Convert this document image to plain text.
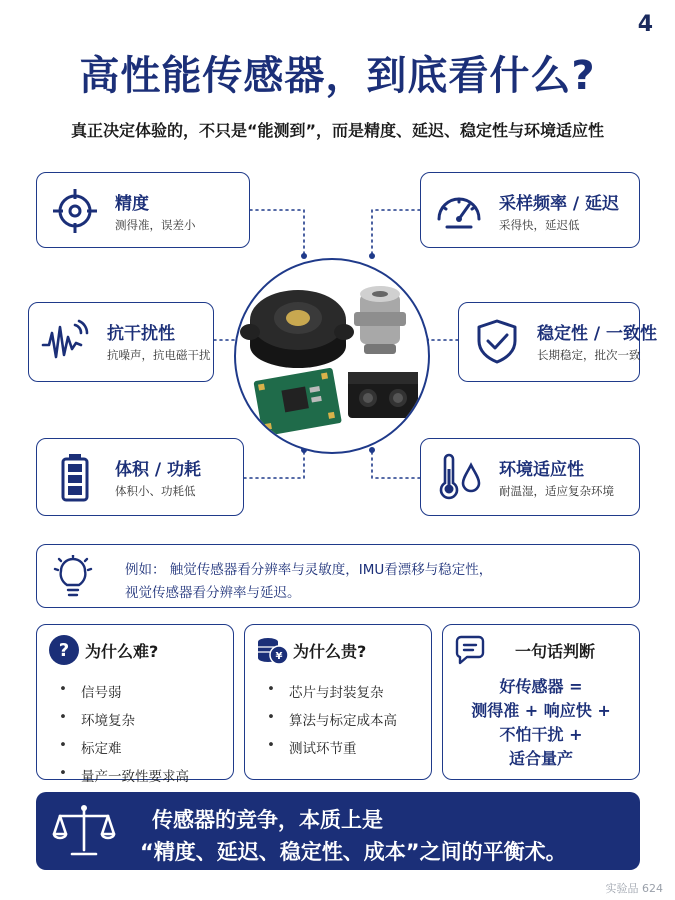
4
高性能传感器，到底看什么?
真正决定体验的，不只是“能测到”，而是精度、延迟、稳定性与环境适应性
精度
测得准，误差小
采样频率 / 延迟
采得快，延迟低
抗干扰性
抗噪声，抗电磁干扰
稳定性 / 一致性
长期稳定，批次一致
体积 / 功耗
体积小、功耗低
环境适应性
耐温湿，适应复杂环境
例如： 触觉传感器看分辨率与灵敏度，IMU看漂移与稳定性，
视觉传感器看分辨率与延迟。
? 为什么难?
• 信号弱
• 环境复杂
• 标定难
• 量产一致性要求高
¥ 为什么贵?
• 芯片与封装复杂
• 算法与标定成本高
• 测试环节重
一句话判断
好传感器 =
测得准 + 响应快 +
不怕干扰 +
适合量产
传感器的竞争，本质上是
“精度、延迟、稳定性、成本”之间的平衡术。
实验品 624
